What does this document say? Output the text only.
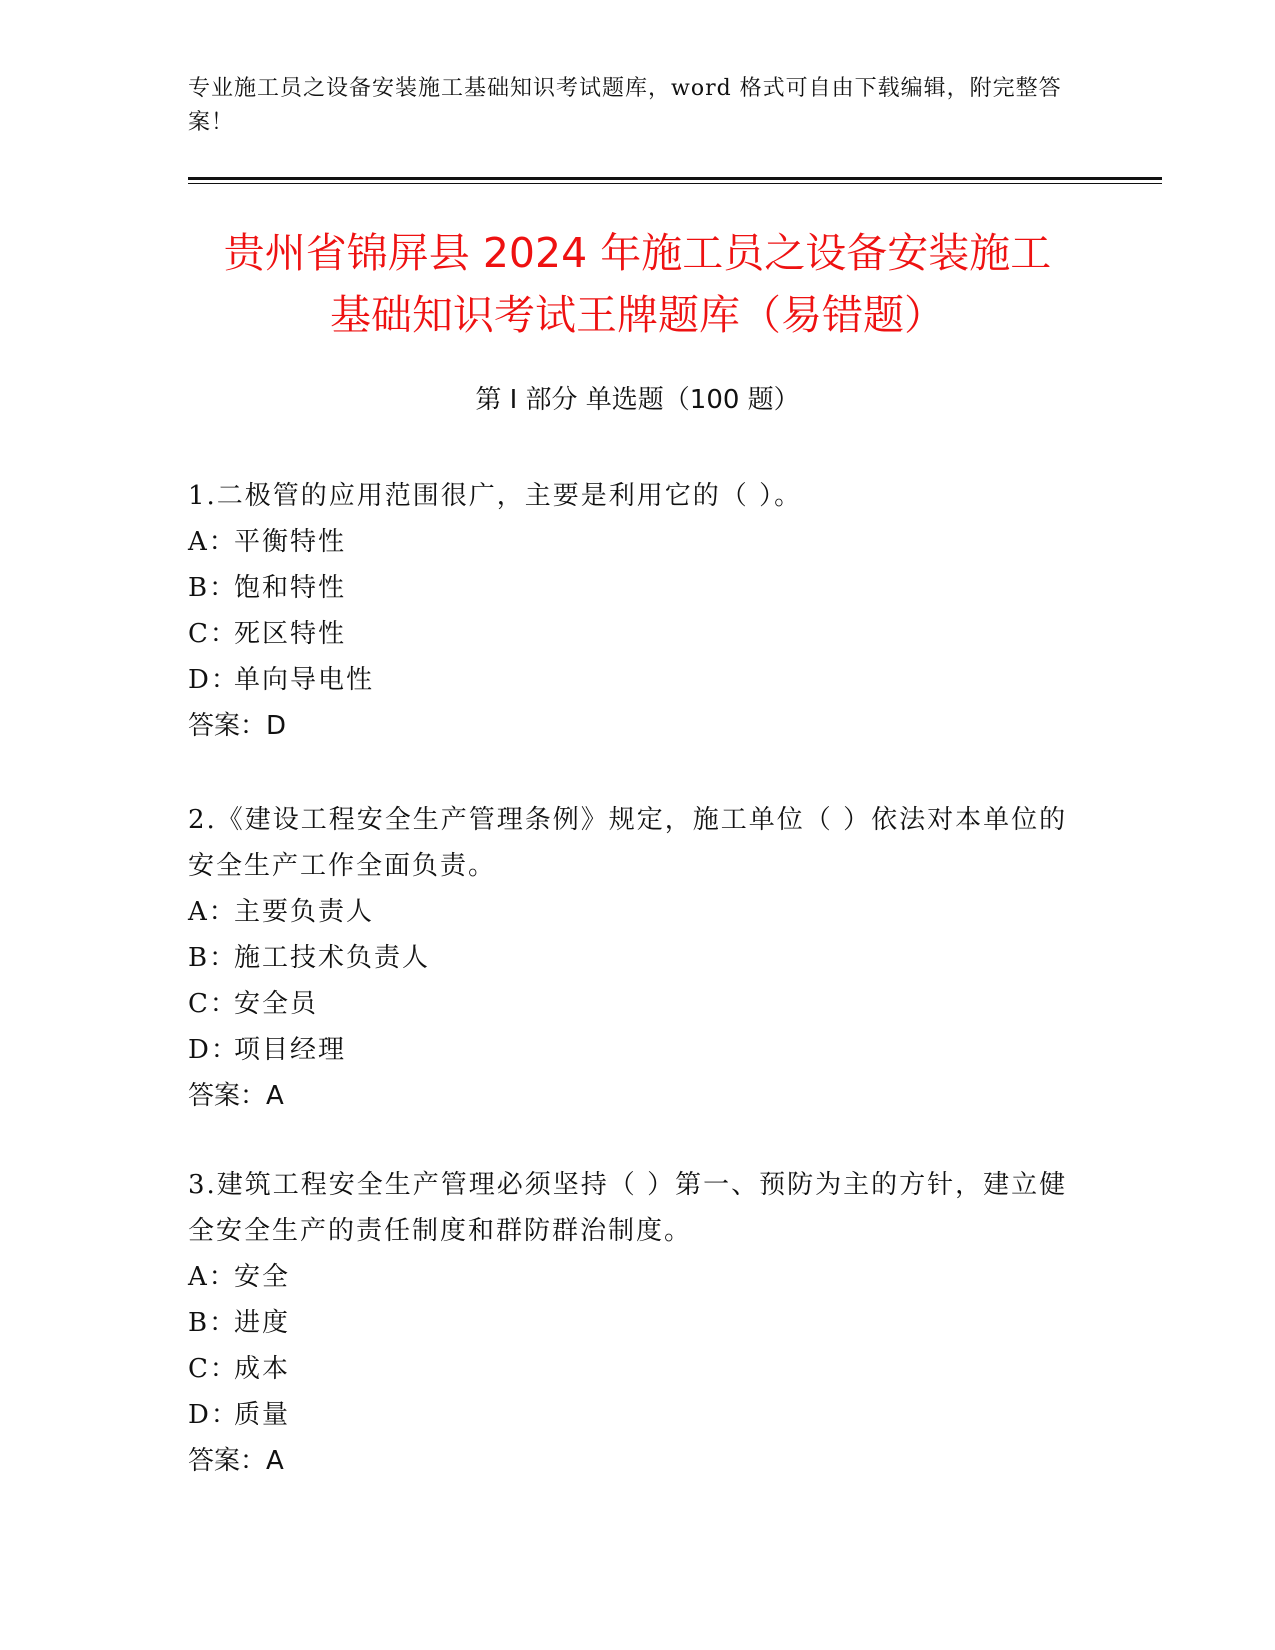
专业施工员之设备安装施工基础知识考试题库，word 格式可自由下载编辑，附完整答案！
贵州省锦屏县 2024 年施工员之设备安装施工
基础知识考试王牌题库（易错题）
第 I 部分 单选题（100 题）

1.二极管的应用范围很广，主要是利用它的（ ）。

A：平衡特性

B：饱和特性

C：死区特性

D：单向导电性

答案：D

2.《建设工程安全生产管理条例》规定，施工单位（ ）依法对本单位的安全生产工作全面负责。

A：主要负责人

B：施工技术负责人

C：安全员

D：项目经理

答案：A

3.建筑工程安全生产管理必须坚持（ ）第一、预防为主的方针，建立健全安全生产的责任制度和群防群治制度。

A：安全

B：进度

C：成本

D：质量

答案：A
